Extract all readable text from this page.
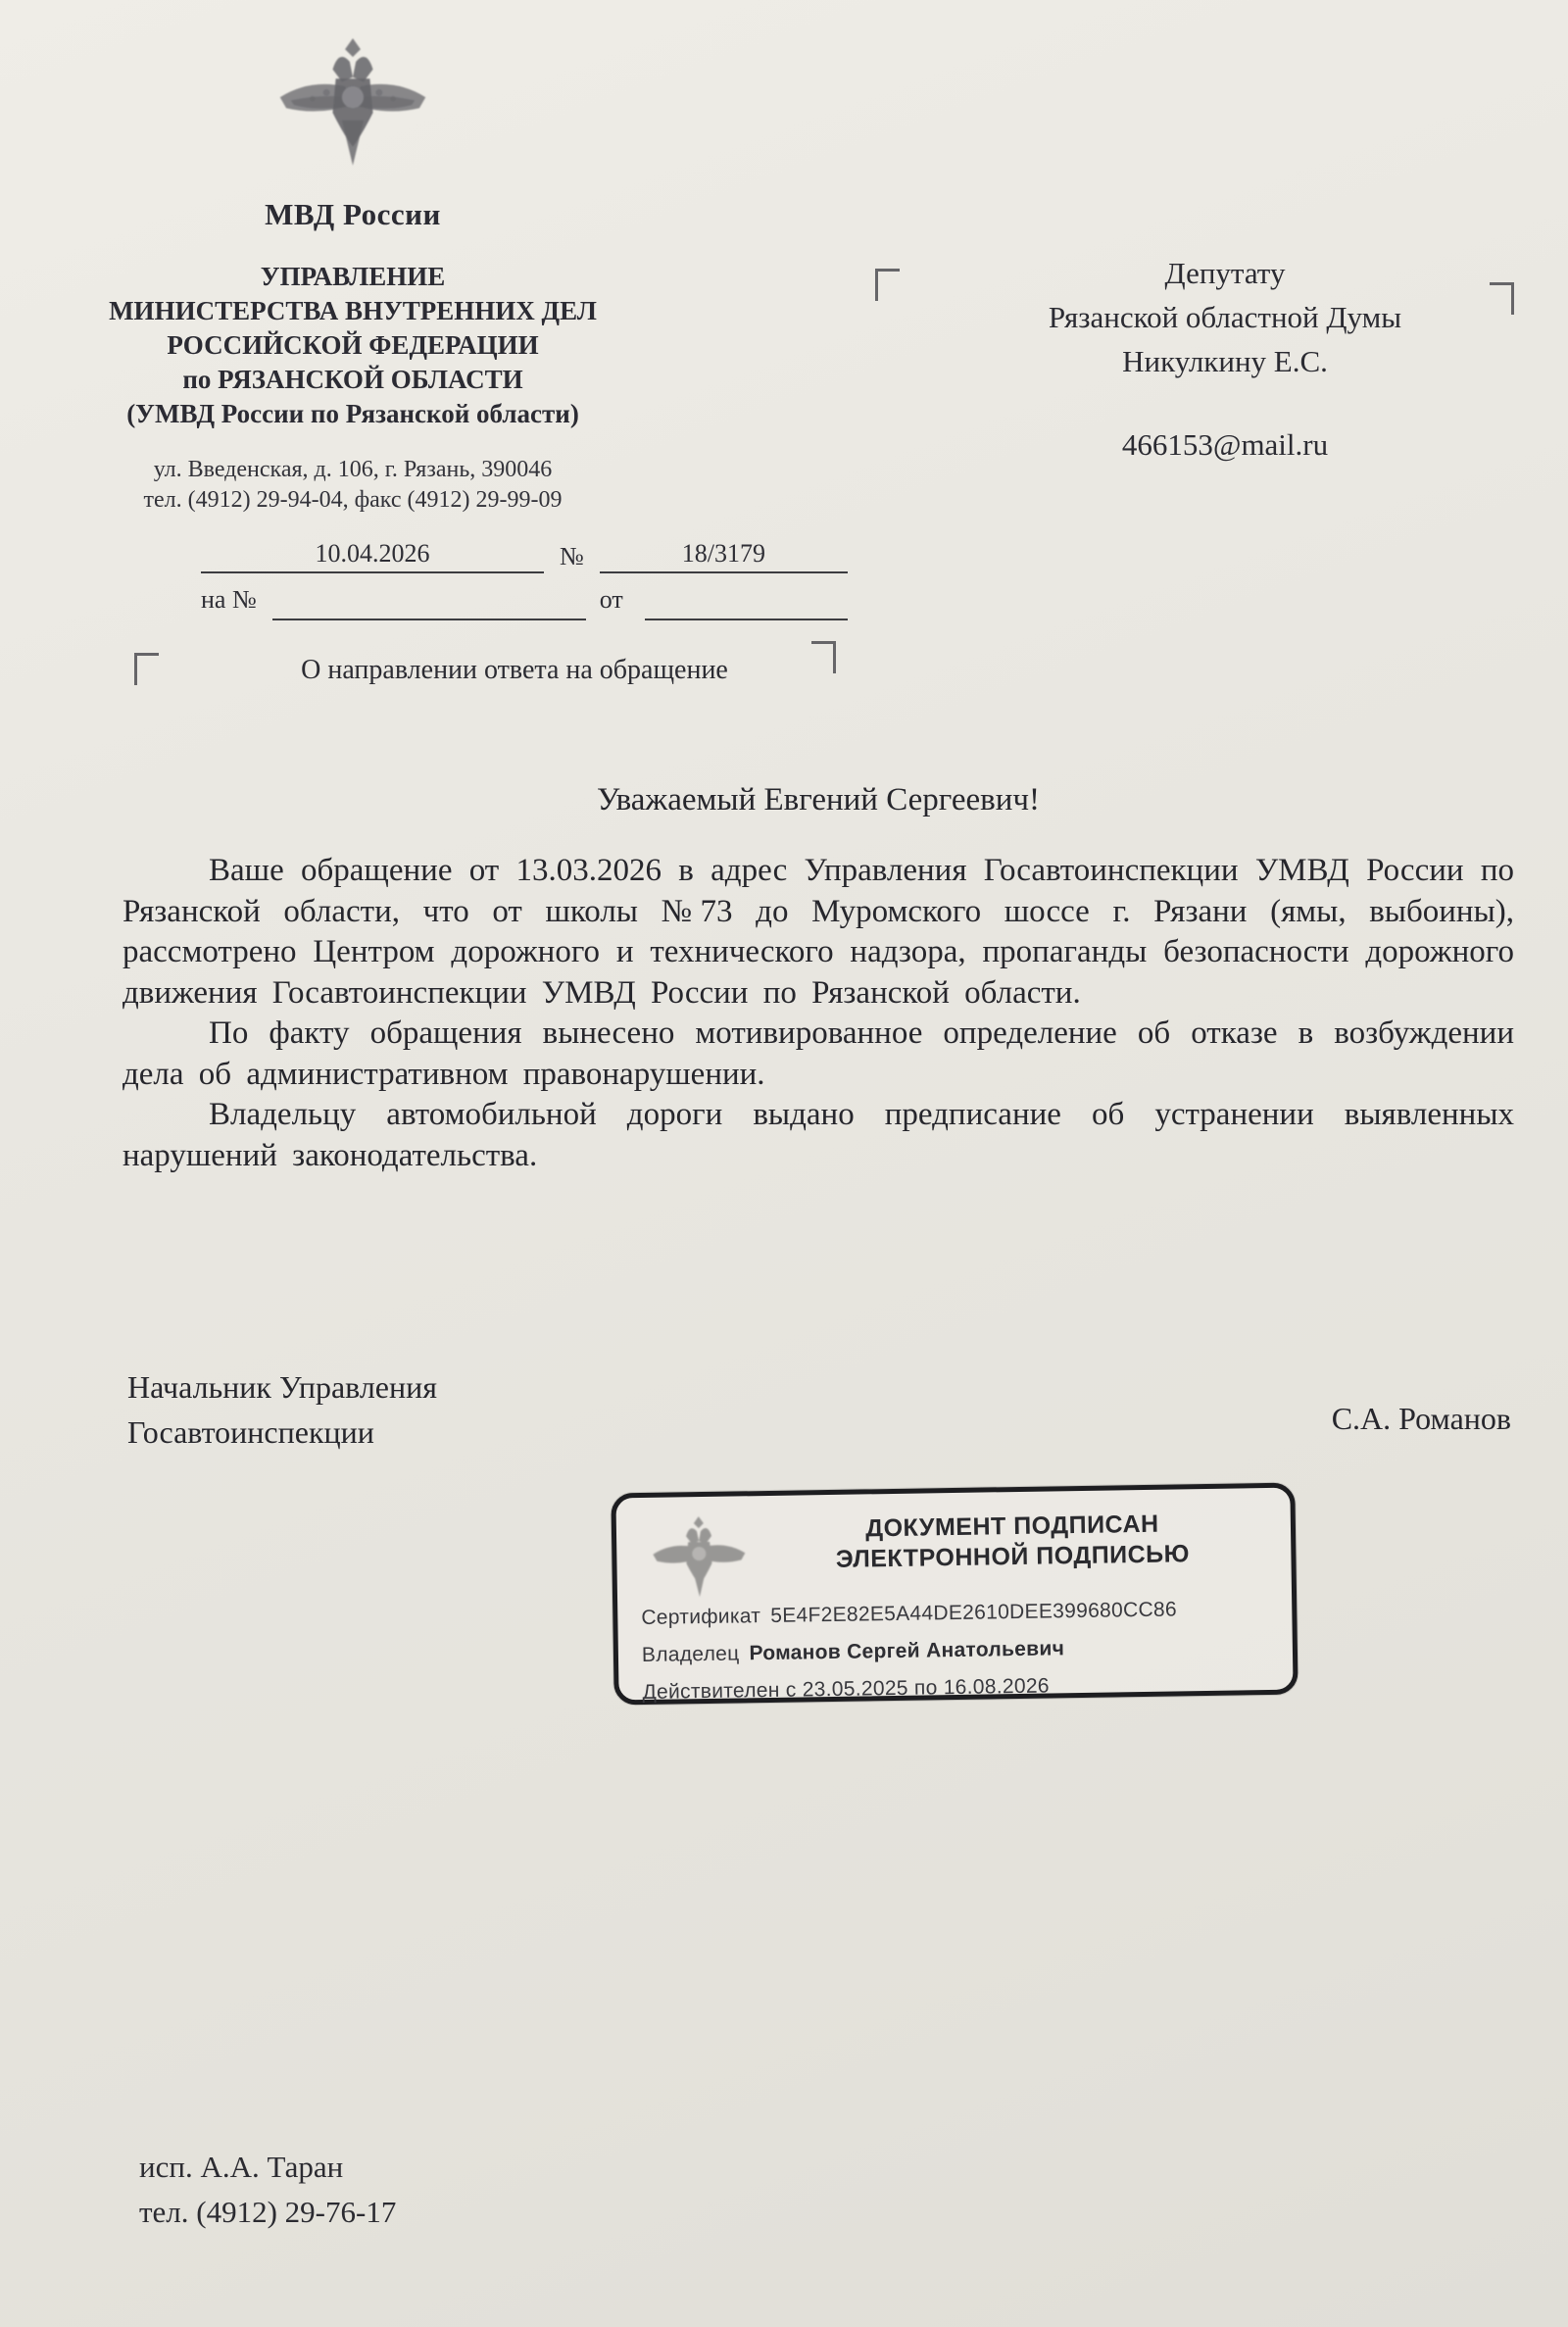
МВД России
УПРАВЛЕНИЕ
МИНИСТЕРСТВА ВНУТРЕННИХ ДЕЛ
РОССИЙСКОЙ ФЕДЕРАЦИИ
по РЯЗАНСКОЙ ОБЛАСТИ
(УМВД России по Рязанской области)
ул. Введенская, д. 106, г. Рязань, 390046
тел. (4912) 29-94-04, факс (4912) 29-99-09
10.04.2026	№	18/3179
на №	от
О направлении ответа на обращение
Депутату
Рязанской областной Думы
Никулкину Е.С.
466153@mail.ru
Уважаемый Евгений Сергеевич!

Ваше обращение от 13.03.2026 в адрес Управления Госавтоинспекции УМВД России по Рязанской области, что от школы №73 до Муромского шоссе г. Рязани (ямы, выбоины), рассмотрено Центром дорожного и технического надзора, пропаганды безопасности дорожного движения Госавтоинспекции УМВД России по Рязанской области.

По факту обращения вынесено мотивированное определение об отказе в возбуждении дела об административном правонарушении.

Владельцу автомобильной дороги выдано предписание об устранении выявленных нарушений законодательства.

Начальник Управления
Госавтоинспекции	С.А. Романов
ДОКУМЕНТ ПОДПИСАН
ЭЛЕКТРОННОЙ ПОДПИСЬЮ
Сертификат 5E4F2E82E5A44DE2610DEE399680CC86
Владелец Романов Сергей Анатольевич
Действителен с 23.05.2025 по 16.08.2026
исп. А.А. Таран
тел. (4912) 29-76-17
